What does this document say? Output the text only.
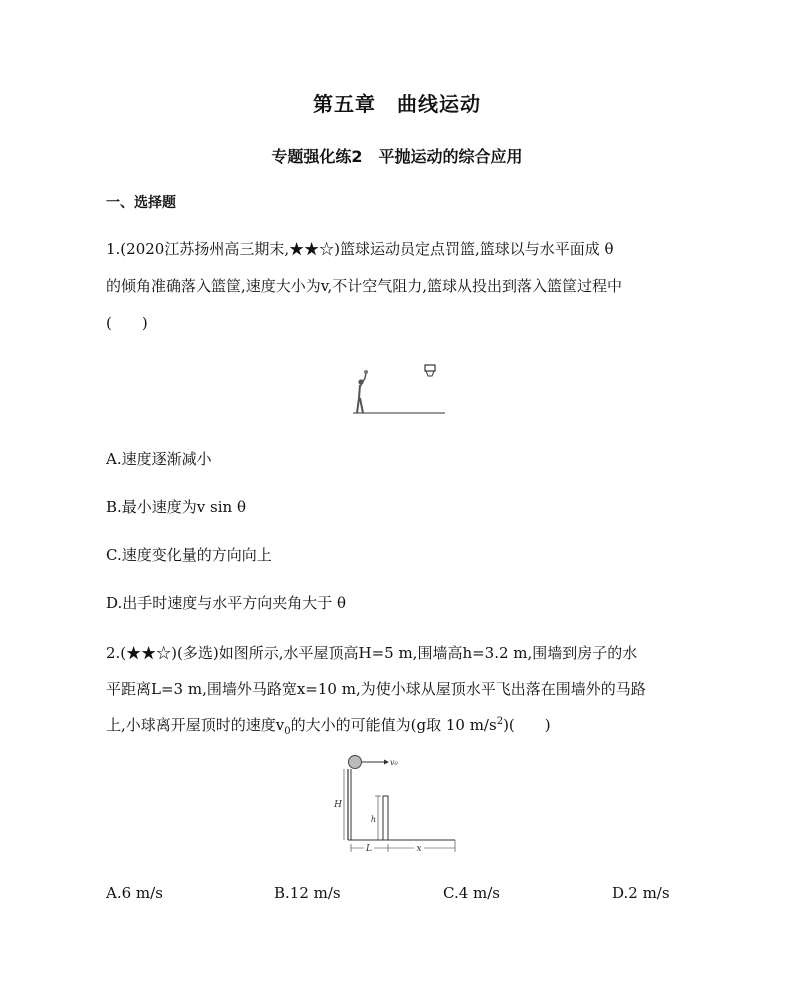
第五章　曲线运动
专题强化练2　平抛运动的综合应用
一、选择题
1.(2020江苏扬州高三期末,★★☆)篮球运动员定点罚篮,篮球以与水平面成 θ
的倾角准确落入篮筐,速度大小为v,不计空气阻力,篮球从投出到落入篮筐过程中
(　　)
A.速度逐渐减小
B.最小速度为v sin θ
C.速度变化量的方向向上
D.出手时速度与水平方向夹角大于 θ
2.(★★☆)(多选)如图所示,水平屋顶高H=5 m,围墙高h=3.2 m,围墙到房子的水
平距离L=3 m,围墙外马路宽x=10 m,为使小球从屋顶水平飞出落在围墙外的马路
上,小球离开屋顶时的速度$v_0$的大小的可能值为(g取 10 $m/s^2$)(　　)
v₀
H
h
L	x
A.6 m/s	B.12 m/s	C.4 m/s	D.2 m/s
